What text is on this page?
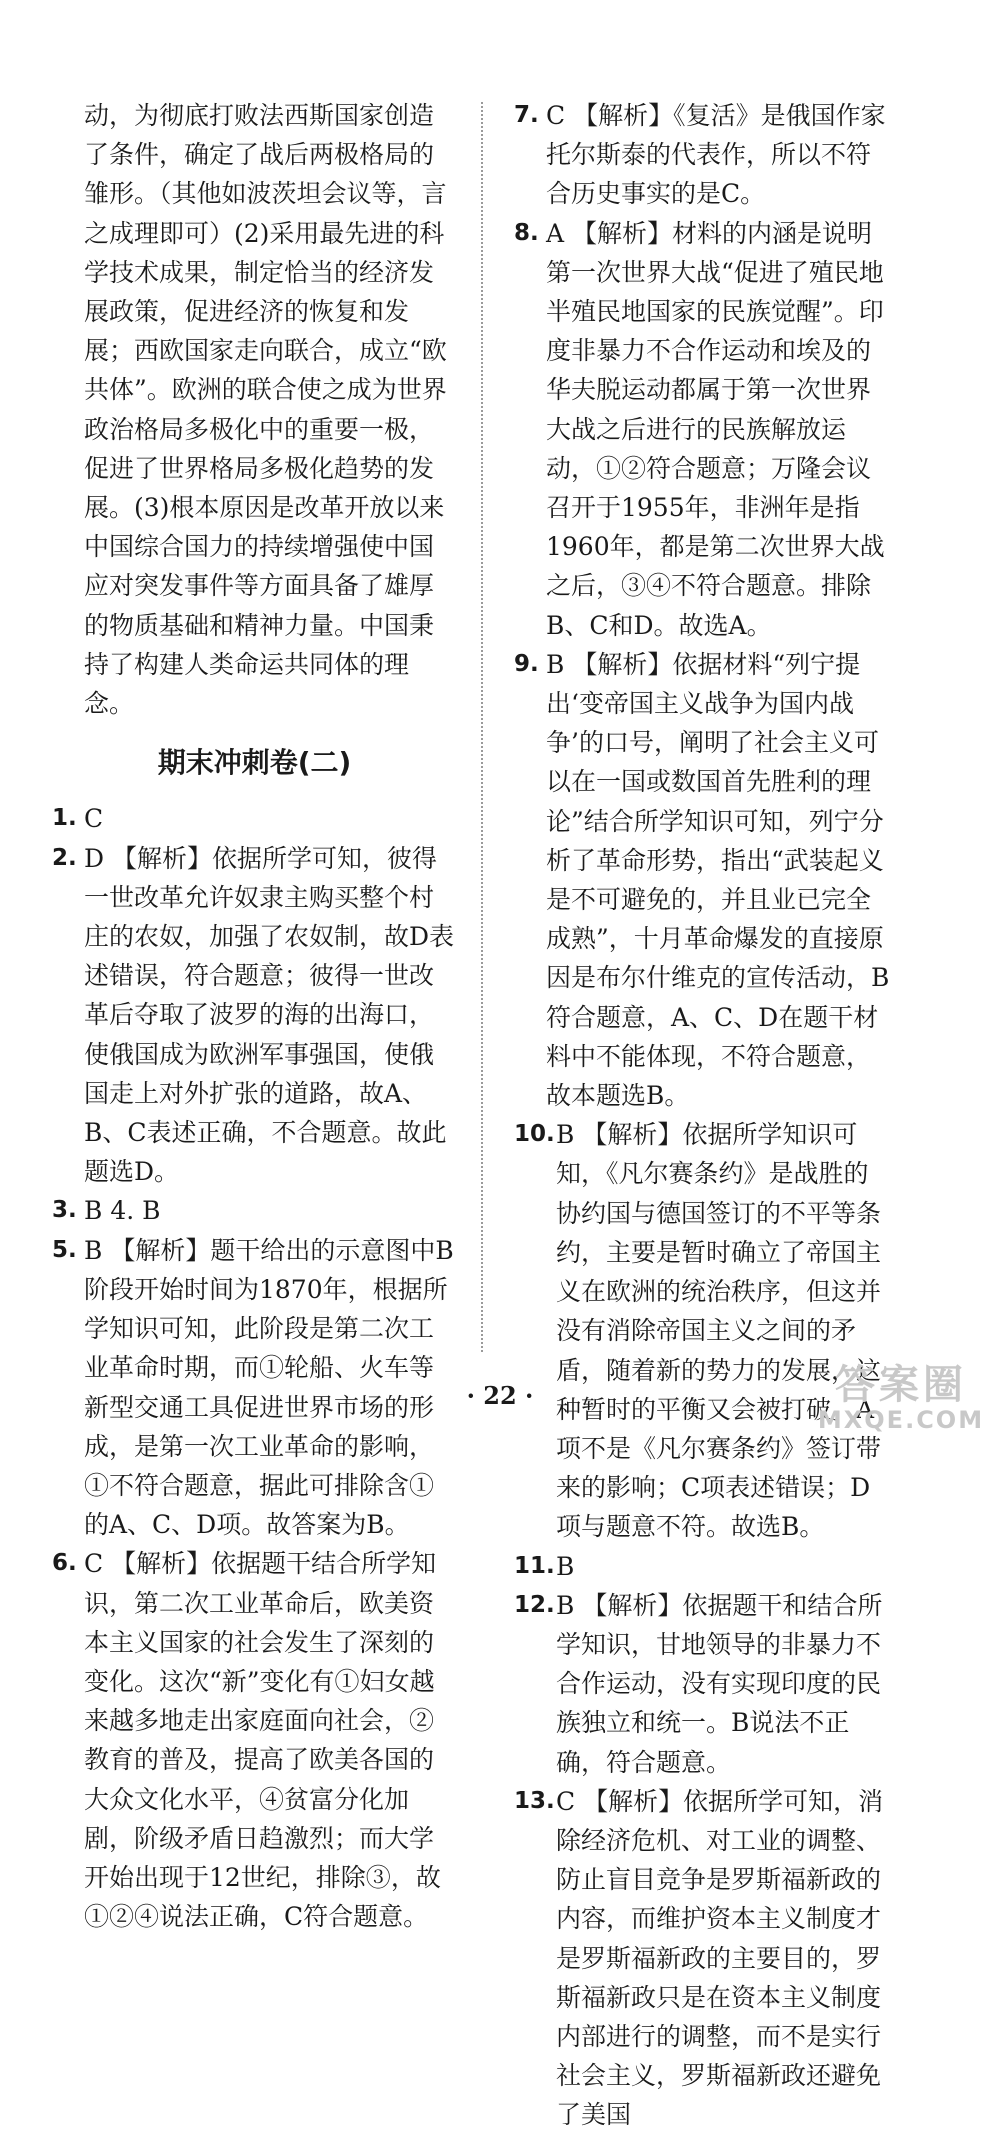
动，为彻底打败法西斯国家创造了条件，确定了战后两极格局的雏形。（其他如波茨坦会议等，言之成理即可）(2)采用最先进的科学技术成果，制定恰当的经济发展政策，促进经济的恢复和发展；西欧国家走向联合，成立“欧共体”。欧洲的联合使之成为世界政治格局多极化中的重要一极，促进了世界格局多极化趋势的发展。(3)根本原因是改革开放以来中国综合国力的持续增强使中国应对突发事件等方面具备了雄厚的物质基础和精神力量。中国秉持了构建人类命运共同体的理念。
期末冲刺卷(二)
1. C
2. D 【解析】依据所学可知，彼得一世改革允许奴隶主购买整个村庄的农奴，加强了农奴制，故D表述错误，符合题意；彼得一世改革后夺取了波罗的海的出海口，使俄国成为欧洲军事强国，使俄国走上对外扩张的道路，故A、B、C表述正确，不合题意。故此题选D。
3. B 4. B
5. B 【解析】题干给出的示意图中B阶段开始时间为1870年，根据所学知识可知，此阶段是第二次工业革命时期，而①轮船、火车等新型交通工具促进世界市场的形成，是第一次工业革命的影响，①不符合题意，据此可排除含①的A、C、D项。故答案为B。
6. C 【解析】依据题干结合所学知识，第二次工业革命后，欧美资本主义国家的社会发生了深刻的变化。这次“新”变化有①妇女越来越多地走出家庭面向社会，②教育的普及，提高了欧美各国的大众文化水平，④贫富分化加剧，阶级矛盾日趋激烈；而大学开始出现于12世纪，排除③，故①②④说法正确，C符合题意。
7. C 【解析】《复活》是俄国作家托尔斯泰的代表作，所以不符合历史事实的是C。
8. A 【解析】材料的内涵是说明第一次世界大战“促进了殖民地半殖民地国家的民族觉醒”。印度非暴力不合作运动和埃及的华夫脱运动都属于第一次世界大战之后进行的民族解放运动，①②符合题意；万隆会议召开于1955年，非洲年是指1960年，都是第二次世界大战之后，③④不符合题意。排除B、C和D。故选A。
9. B 【解析】依据材料“列宁提出‘变帝国主义战争为国内战争’的口号，阐明了社会主义可以在一国或数国首先胜利的理论”结合所学知识可知，列宁分析了革命形势，指出“武装起义是不可避免的，并且业已完全成熟”，十月革命爆发的直接原因是布尔什维克的宣传活动，B符合题意，A、C、D在题干材料中不能体现，不符合题意，故本题选B。
10. B 【解析】依据所学知识可知，《凡尔赛条约》是战胜的协约国与德国签订的不平等条约，主要是暂时确立了帝国主义在欧洲的统治秩序，但这并没有消除帝国主义之间的矛盾，随着新的势力的发展，这种暂时的平衡又会被打破。A项不是《凡尔赛条约》签订带来的影响；C项表述错误；D项与题意不符。故选B。
11. B
12. B 【解析】依据题干和结合所学知识，甘地领导的非暴力不合作运动，没有实现印度的民族独立和统一。B说法不正确，符合题意。
13. C 【解析】依据所学可知，消除经济危机、对工业的调整、防止盲目竞争是罗斯福新政的内容，而维护资本主义制度才是罗斯福新政的主要目的，罗斯福新政只是在资本主义制度内部进行的调整，而不是实行社会主义，罗斯福新政还避免了美国
· 22 ·	答案圈
MXQE.COM
